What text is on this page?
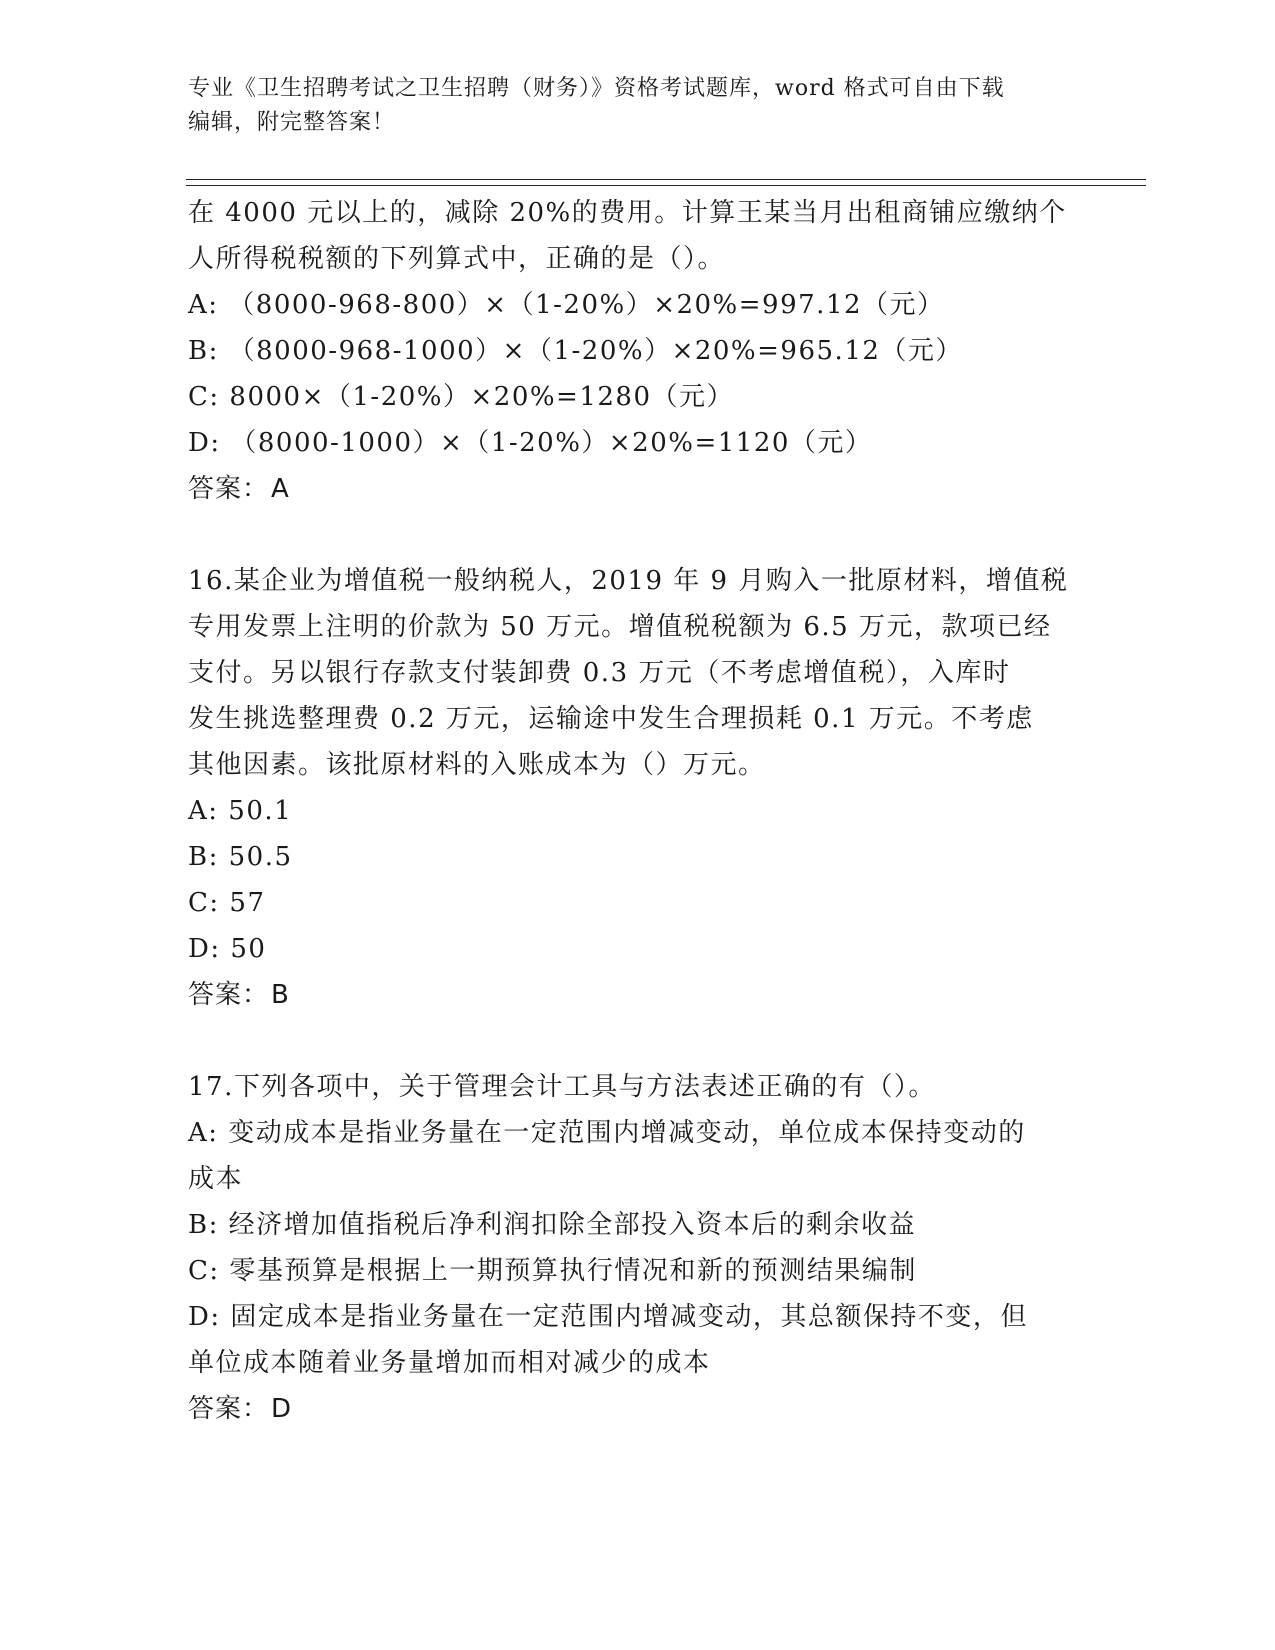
专业《卫生招聘考试之卫生招聘（财务）》资格考试题库，word 格式可自由下载
编辑，附完整答案！
在 4000 元以上的，减除 20%的费用。计算王某当月出租商铺应缴纳个
人所得税税额的下列算式中，正确的是（）。
A: （8000-968-800）×（1-20%）×20%=997.12（元）
B: （8000-968-1000）×（1-20%）×20%=965.12（元）
C: 8000×（1-20%）×20%=1280（元）
D: （8000-1000）×（1-20%）×20%=1120（元）
答案：A
16.某企业为增值税一般纳税人，2019 年 9 月购入一批原材料，增值税
专用发票上注明的价款为 50 万元。增值税税额为 6.5 万元，款项已经
支付。另以银行存款支付装卸费 0.3 万元（不考虑增值税），入库时
发生挑选整理费 0.2 万元，运输途中发生合理损耗 0.1 万元。不考虑
其他因素。该批原材料的入账成本为（）万元。
A: 50.1
B: 50.5
C: 57
D: 50
答案：B
17.下列各项中，关于管理会计工具与方法表述正确的有（）。
A: 变动成本是指业务量在一定范围内增减变动，单位成本保持变动的
成本
B: 经济增加值指税后净利润扣除全部投入资本后的剩余收益
C: 零基预算是根据上一期预算执行情况和新的预测结果编制
D: 固定成本是指业务量在一定范围内增减变动，其总额保持不变，但
单位成本随着业务量增加而相对减少的成本
答案：D
